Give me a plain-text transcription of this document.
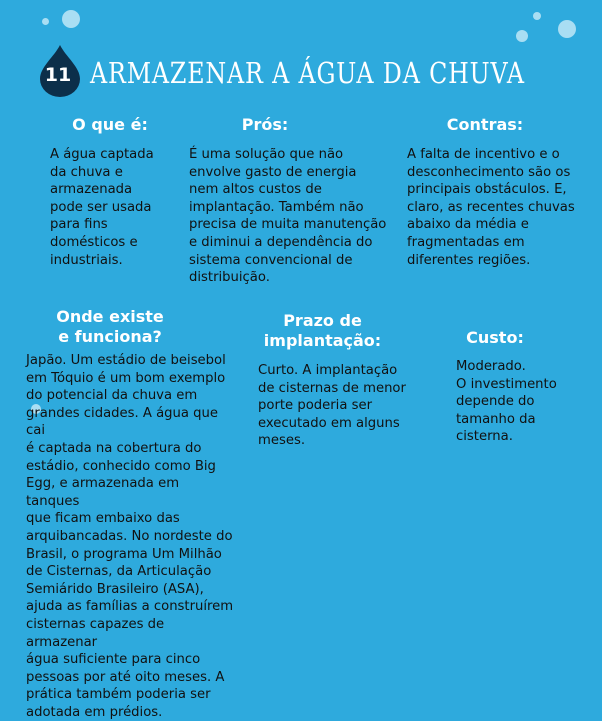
11 ARMAZENAR A ÁGUA DA CHUVA
O que é:
A água captada
da chuva e
armazenada
pode ser usada
para fins
domésticos e
industriais.
Prós:
É uma solução que não
envolve gasto de energia
nem altos custos de
implantação. Também não
precisa de muita manutenção
e diminui a dependência do
sistema convencional de
distribuição.
Contras:
A falta de incentivo e o
desconhecimento são os
principais obstáculos. E,
claro, as recentes chuvas
abaixo da média e
fragmentadas em
diferentes regiões.
Onde existe
e funciona?
Japão. Um estádio de beisebol
em Tóquio é um bom exemplo
do potencial da chuva em
grandes cidades. A água que cai
é captada na cobertura do
estádio, conhecido como Big
Egg, e armazenada em tanques
que ficam embaixo das
arquibancadas. No nordeste do
Brasil, o programa Um Milhão
de Cisternas, da Articulação
Semiárido Brasileiro (ASA),
ajuda as famílias a construírem
cisternas capazes de armazenar
água suficiente para cinco
pessoas por até oito meses. A
prática também poderia ser
adotada em prédios.
Prazo de
implantação:
Curto. A implantação
de cisternas de menor
porte poderia ser
executado em alguns
meses.
Custo:
Moderado.
O investimento
depende do
tamanho da
cisterna.
